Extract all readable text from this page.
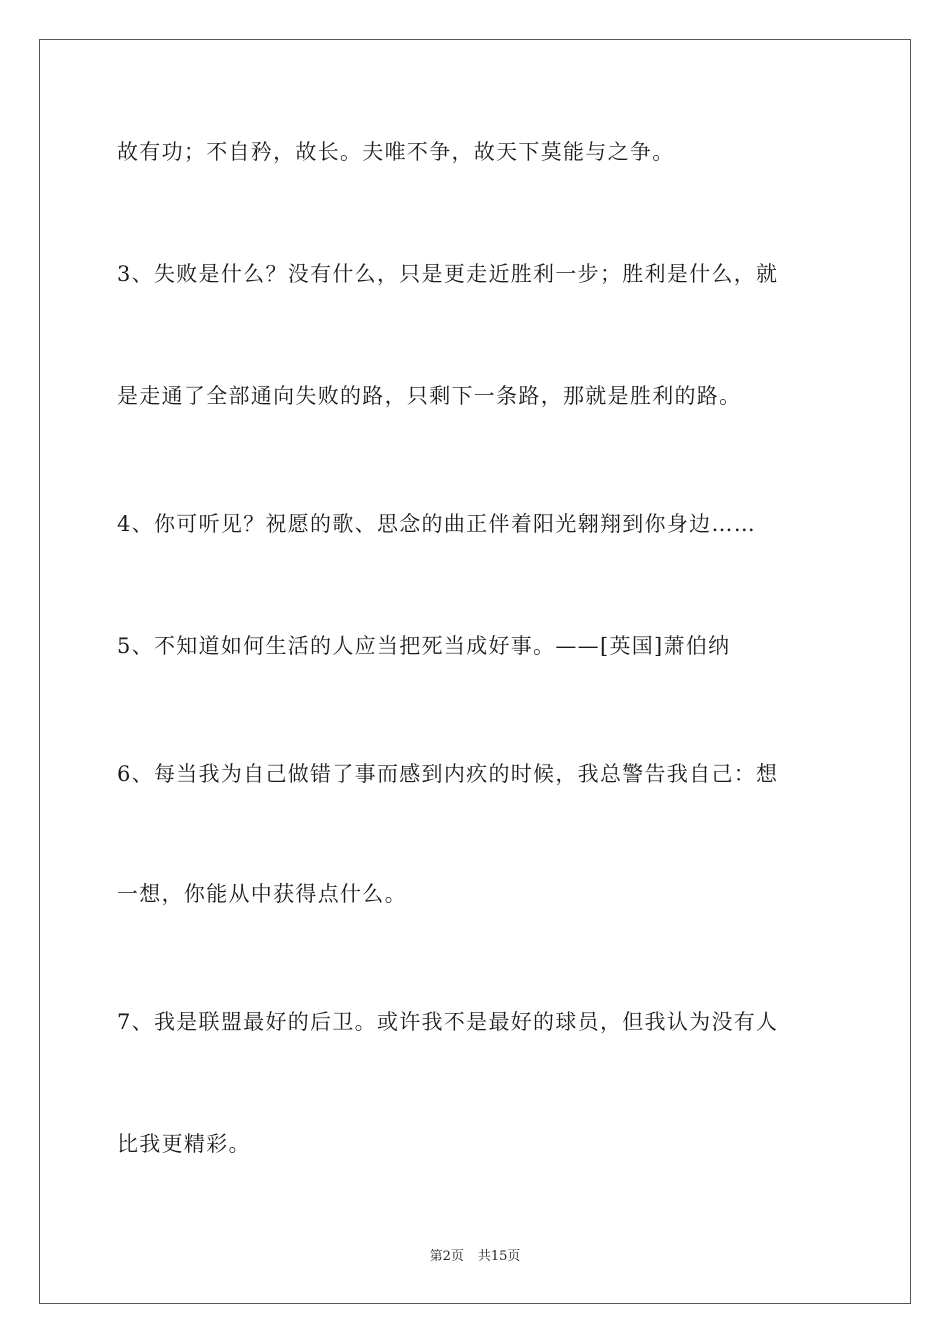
故有功；不自矜，故长。夫唯不争，故天下莫能与之争。
3、失败是什么？没有什么，只是更走近胜利一步；胜利是什么，就
是走通了全部通向失败的路，只剩下一条路，那就是胜利的路。
4、你可听见？祝愿的歌、思念的曲正伴着阳光翱翔到你身边……
5、不知道如何生活的人应当把死当成好事。——[英国]萧伯纳
6、每当我为自己做错了事而感到内疚的时候，我总警告我自己：想
一想，你能从中获得点什么。
7、我是联盟最好的后卫。或许我不是最好的球员，但我认为没有人
比我更精彩。
第2页 共15页
